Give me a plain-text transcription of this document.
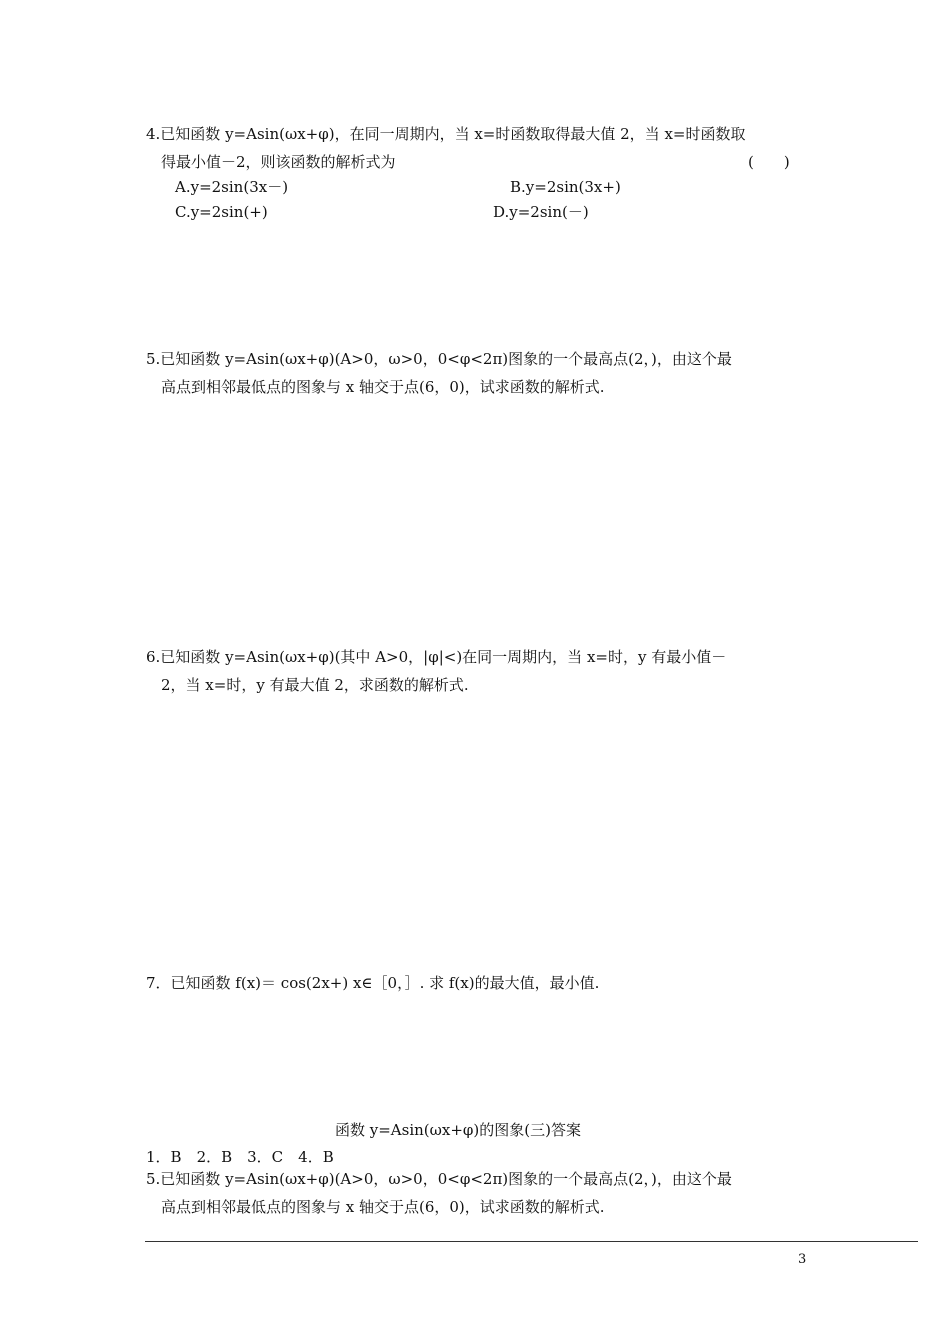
4.已知函数 y=Asin(ωx+φ)，在同一周期内，当 x=时函数取得最大值 2，当 x=时函数取
得最小值－2，则该函数的解析式为	(　　)
A.y=2sin(3x－)	B.y=2sin(3x+)
C.y=2sin(+)	D.y=2sin(－)
5.已知函数 y=Asin(ωx+φ)(A>0，ω>0，0<φ<2π)图象的一个最高点(2，)，由这个最
高点到相邻最低点的图象与 x 轴交于点(6，0)，试求函数的解析式.
6.已知函数 y=Asin(ωx+φ)(其中 A>0，|φ|<)在同一周期内，当 x=时，y 有最小值－
2，当 x=时，y 有最大值 2，求函数的解析式.
7．已知函数 f(x)＝ cos(2x+) x∈［0，］. 求 f(x)的最大值，最小值.
函数 y=Asin(ωx+φ)的图象(三)答案
1．B　2．B　3．C　4．B
5.已知函数 y=Asin(ωx+φ)(A>0，ω>0，0<φ<2π)图象的一个最高点(2，)，由这个最
高点到相邻最低点的图象与 x 轴交于点(6，0)，试求函数的解析式.
3
